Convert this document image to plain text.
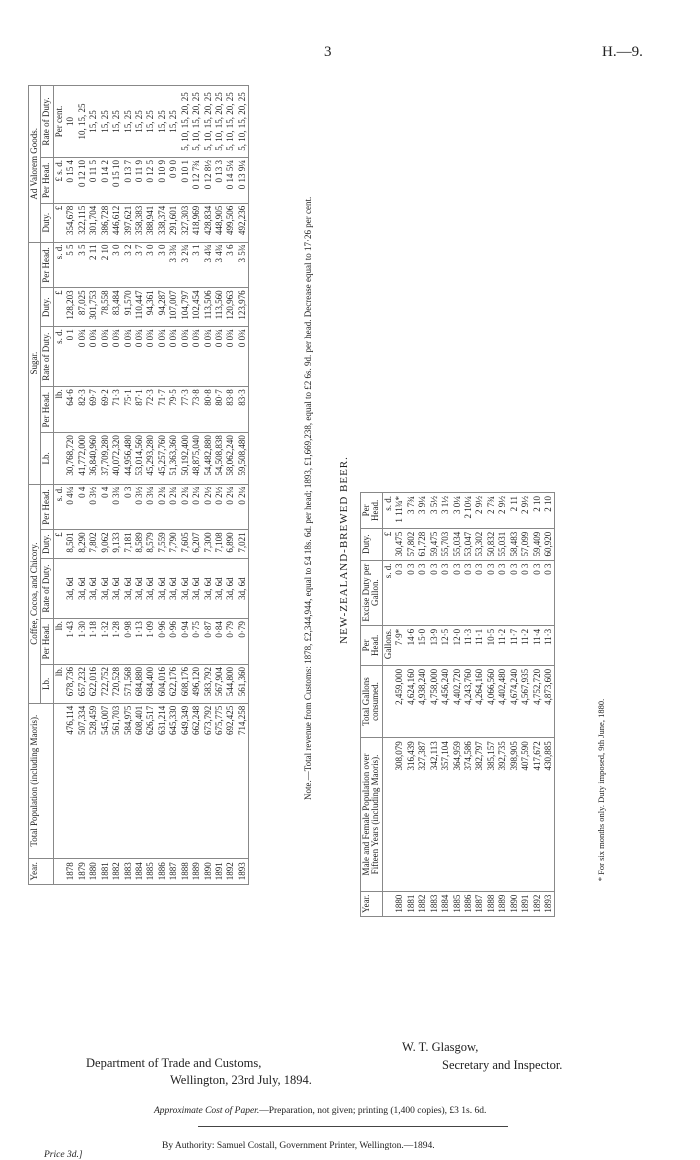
3	H.—9.
Year.	Total Population (including Maoris).	Coffee, Cocoa, and Chicory.					Sugar.					Ad Valorem Goods.		
		Lb.	Per Head.	Rate of Duty.	Duty.	Per Head.	Lb.	Per Head.	Rate of Duty.	Duty.	Per Head.	Duty.	Per Head.	Rate of Duty.
		lb.	lb.		£	s. d.		lb.	s. d.	£	s. d.	£	£ s. d.	Per cent.
1878	476,114	678,736	1·43	3d, 6d	8,501	0 4¼	30,768,720	64·6	0 1	128,203	5 5	354,678	0 15 4	10
1879	507,334	657,232	1·30	3d, 6d	8,290	0 4	41,772,000	82·3	0 0¾	87,025	3 5	322,115	0 12 10	10, 15, 25
1880	528,459	622,016	1·18	3d, 6d	7,802	0 3½	36,840,960	69·7	0 0¾	301,753	2 11	301,704	0 11 5	15, 25
1881	545,007	722,752	1·32	3d, 6d	9,062	0 4	37,709,280	69·2	0 0¾	78,558	2 10	386,728	0 14 2	15, 25
1882	561,703	720,528	1·28	3d, 6d	9,133	0 3¾	40,072,320	71·3	0 0¾	83,484	3 0	446,612	0 15 10	15, 25
1883	584,975	571,568	0·98	3d, 6d	7,181	0 3	44,956,480	75·1	0 0¾	91,570	3 2	397,621	0 13 7	15, 25
1884	608,401	684,880	1·13	3d, 6d	8,589	0 3½	53,014,560	87·1	0 0¾	110,447	3 7	358,383	0 11 9	15, 25
1885	626,517	684,400	1·09	3d, 6d	8,579	0 3¼	45,293,280	72·3	0 0¾	94,361	3 0	388,941	0 12 5	15, 25
1886	631,214	604,016	0·96	3d, 6d	7,559	0 2¾	45,257,760	71·7	0 0¾	94,287	3 0	338,374	0 10 9	15, 25
1887	645,330	622,176	0·96	3d, 6d	7,790	0 2¾	51,363,360	79·5	0 0¾	107,007	3 3¾	291,601	0 9 0	15, 25
1888	649,349	608,176	0·94	3d, 6d	7,605	0 2¾	50,192,400	77·3	0 0¾	104,797	3 2¾	327,303	0 10 1	5, 10, 15, 20, 25
1889	662,248	496,120	0·75	3d, 6d	6,207	0 2¼	48,875,040	73·8	0 0¾	102,454	3 1	418,969	0 12 7¾	5, 10, 15, 20, 25
1890	673,792	583,792	0·87	3d, 6d	7,300	0 2½	54,482,880	80·8	0 0¾	113,506	3 4¾	428,834	0 12 8½	5, 10, 15, 20, 25
1891	675,775	567,904	0·84	3d, 6d	7,108	0 2½	54,508,838	80·7	0 0¾	113,560	3 4¾	448,905	0 13 3	5, 10, 15, 20, 25
1892	692,425	544,800	0·79	3d, 6d	6,890	0 2¼	58,062,240	83·8	0 0¾	120,963	3 6	499,506	0 14 5¼	5, 10, 15, 20, 25
1893	714,258	561,360	0·79	3d, 6d	7,021	0 2¼	59,508,480	83·3	0 0¾	123,976	3 5¾	492,236	0 13 9¼	5, 10, 15, 20, 25
Note.—Total revenue from Customs: 1878, £2,344,944, equal to £4 18s. 6d. per head; 1893, £1,669,238, equal to £2 6s. 9d. per head. Decrease equal to 17·26 per cent. NEW-ZEALAND-BREWED BEER.
Year.	Male and Female Population over Fifteen Years (including Maoris).	Total Gallons consumed.	Per Head.	Excise Duty per Gallon.	Duty.	Per Head.
			Gallons.	s. d.	£	s. d.
1880	308,079	2,459,000	7·9*	0 3	30,475	1 11¾*
1881	316,439	4,624,160	14·6	0 3	57,802	3 7¾
1882	327,387	4,938,240	15·0	0 3	61,728	3 9¼
1883	342,113	4,758,000	13·9	0 3	59,475	3 5½
1884	357,104	4,456,240	12·5	0 3	55,703	3 1½
1885	364,959	4,402,720	12·0	0 3	55,034	3 0¼
1886	374,586	4,243,760	11·3	0 3	53,047	2 10¼
1887	382,797	4,264,160	11·1	0 3	53,302	2 9½
1888	385,157	4,066,560	10·5	0 3	50,832	2 7¾
1889	392,735	4,402,480	11·2	0 3	55,031	2 9½
1890	398,905	4,674,240	11·7	0 3	58,483	2 11
1891	407,590	4,567,935	11·2	0 3	57,099	2 9½
1892	417,672	4,752,720	11·4	0 3	59,409	2 10
1893	430,885	4,873,600	11·3	0 3	60,920	2 10
* For six months only. Duty imposed, 9th June, 1880.
W. T. Glasgow,
Secretary and Inspector.
Department of Trade and Customs,
Wellington, 23rd July, 1894.
Approximate Cost of Paper.—Preparation, not given; printing (1,400 copies), £3 1s. 6d.
By Authority: Samuel Costall, Government Printer, Wellington.—1894.
Price 3d.]
